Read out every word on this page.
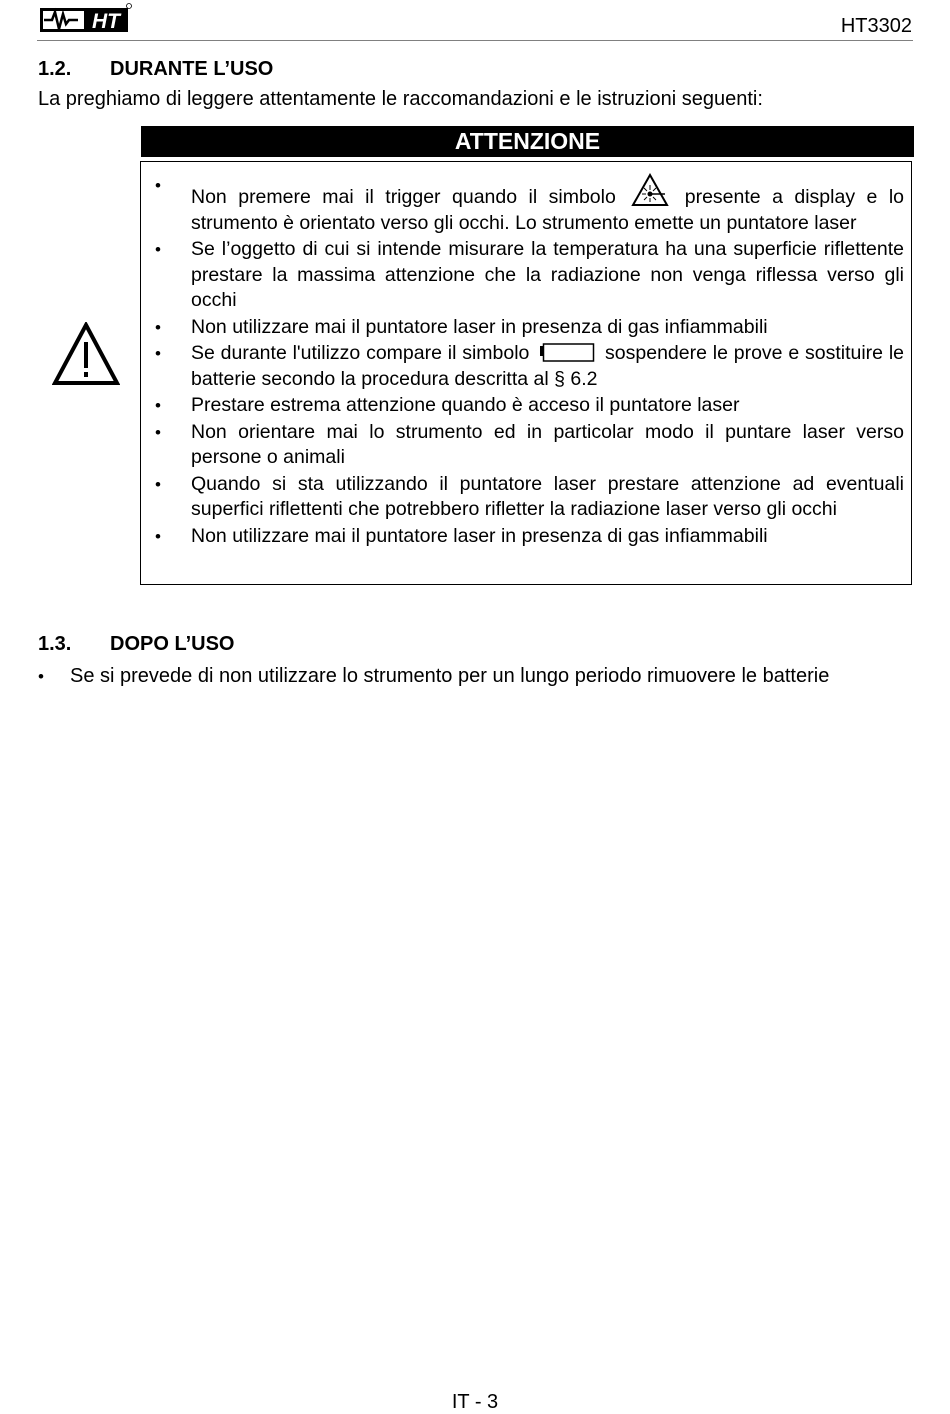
HT	HT3302
1.2. DURANTE L’USO
La preghiamo di leggere attentamente le raccomandazioni e le istruzioni seguenti:
ATTENZIONE
• Non premere mai il trigger quando il simbolo	presente a display e lo strumento è orientato verso gli occhi. Lo strumento emette un puntatore laser
• Se l’oggetto di cui si intende misurare la temperatura ha una superficie riflettente prestare la massima attenzione che la radiazione non venga riflessa verso gli occhi
• Non utilizzare mai il puntatore laser in presenza di gas infiammabili
• Se durante l'utilizzo compare il simbolo	sospendere le prove e sostituire le batterie secondo la procedura descritta al § 6.2
• Prestare estrema attenzione quando è acceso il puntatore laser
• Non orientare mai lo strumento ed in particolar modo il puntare laser verso persone o animali
• Quando si sta utilizzando il puntatore laser prestare attenzione ad eventuali superfici riflettenti che potrebbero rifletter la radiazione laser verso gli occhi
• Non utilizzare mai il puntatore laser in presenza di gas infiammabili
1.3. DOPO L’USO
• Se si prevede di non utilizzare lo strumento per un lungo periodo rimuovere le batterie
IT - 3
